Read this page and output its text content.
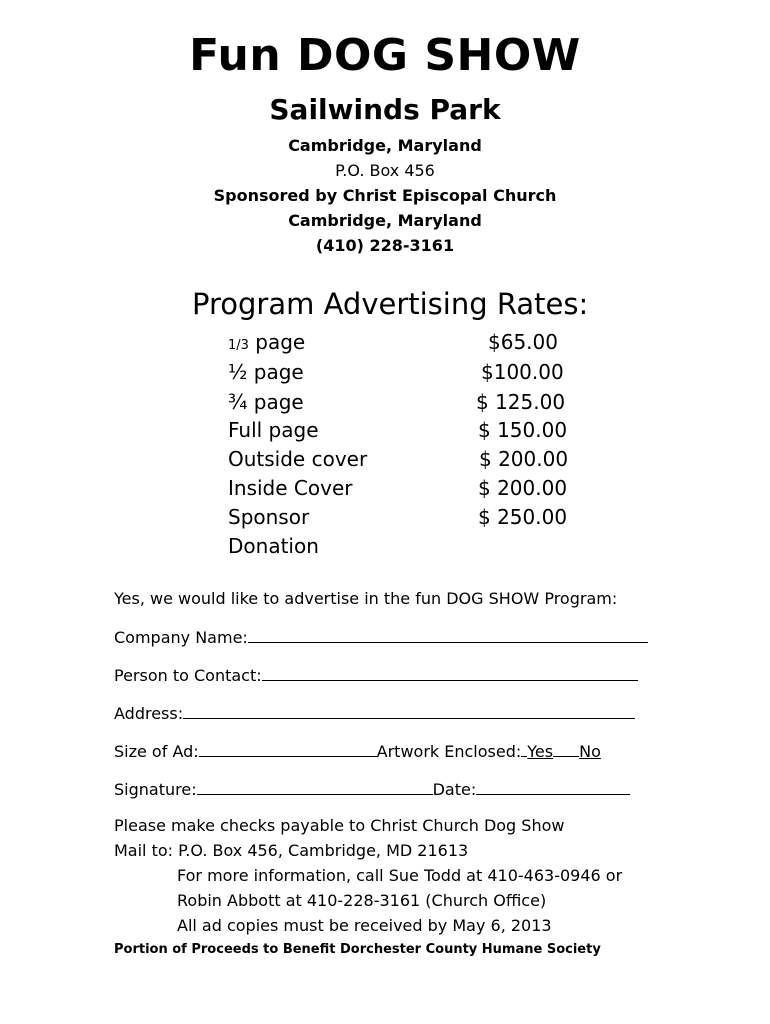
Fun DOG SHOW
Sailwinds Park
Cambridge, Maryland
P.O. Box 456
Sponsored by Christ Episcopal Church
Cambridge, Maryland
(410) 228-3161
Program Advertising Rates:
1/3 page	$65.00
½ page	$100.00
¾ page	$ 125.00
Full page	$ 150.00
Outside cover	$ 200.00
Inside Cover	$ 200.00
Sponsor	$ 250.00
Donation
Yes, we would like to advertise in the fun DOG SHOW Program:
Company Name:
Person to Contact:
Address:
Size of Ad:	Artwork Enclosed: Yes No
Signature:	Date:
Please make checks payable to Christ Church Dog Show
Mail to: P.O. Box 456, Cambridge, MD 21613
For more information, call Sue Todd at 410-463-0946 or
Robin Abbott at 410-228-3161 (Church Office)
All ad copies must be received by May 6, 2013
Portion of Proceeds to Benefit Dorchester County Humane Society
